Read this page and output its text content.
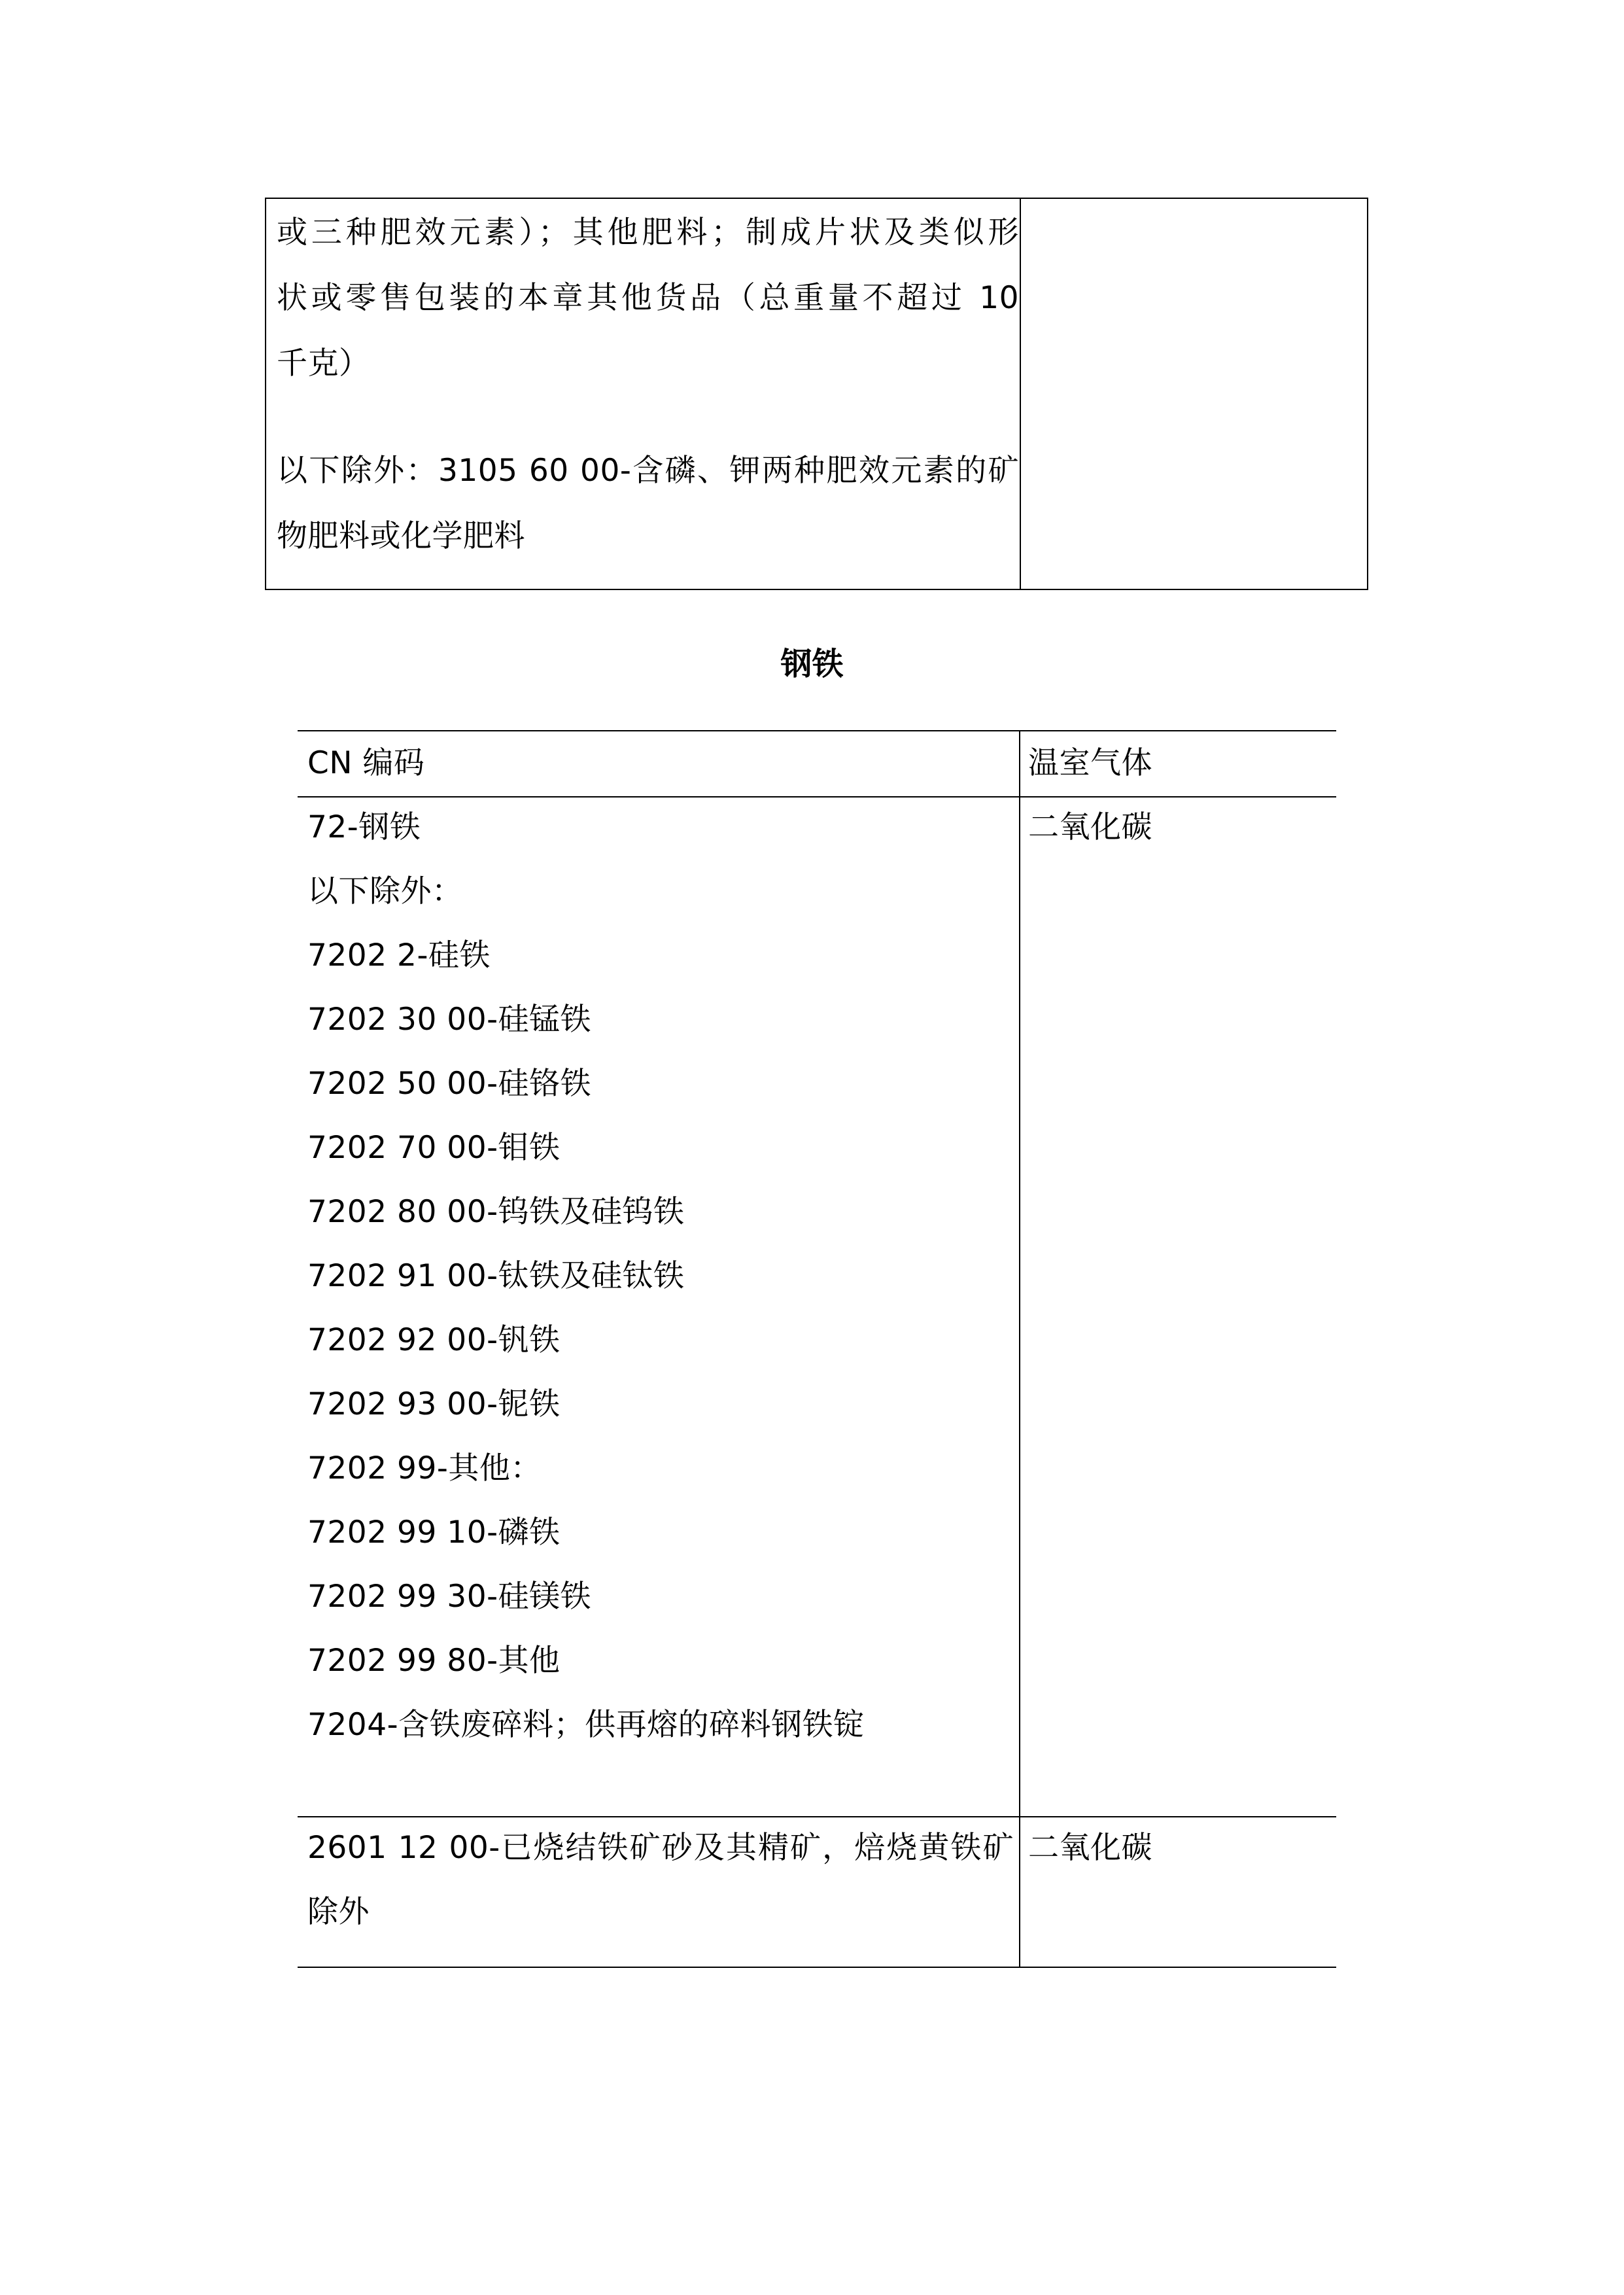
或三种肥效元素）；其他肥料；制成片状及类似形
状或零售包装的本章其他货品（总重量不超过 10
千克）
以下除外：3105 60 00-含磷、钾两种肥效元素的矿
物肥料或化学肥料
钢铁
CN 编码	温室气体
72-钢铁
以下除外：
7202 2-硅铁
7202 30 00-硅锰铁
7202 50 00-硅铬铁
7202 70 00-钼铁
7202 80 00-钨铁及硅钨铁
7202 91 00-钛铁及硅钛铁
7202 92 00-钒铁
7202 93 00-铌铁
7202 99-其他：
7202 99 10-磷铁
7202 99 30-硅镁铁
7202 99 80-其他
7204-含铁废碎料；供再熔的碎料钢铁锭
二氧化碳
2601 12 00-已烧结铁矿砂及其精矿，焙烧黄铁矿
除外
二氧化碳
